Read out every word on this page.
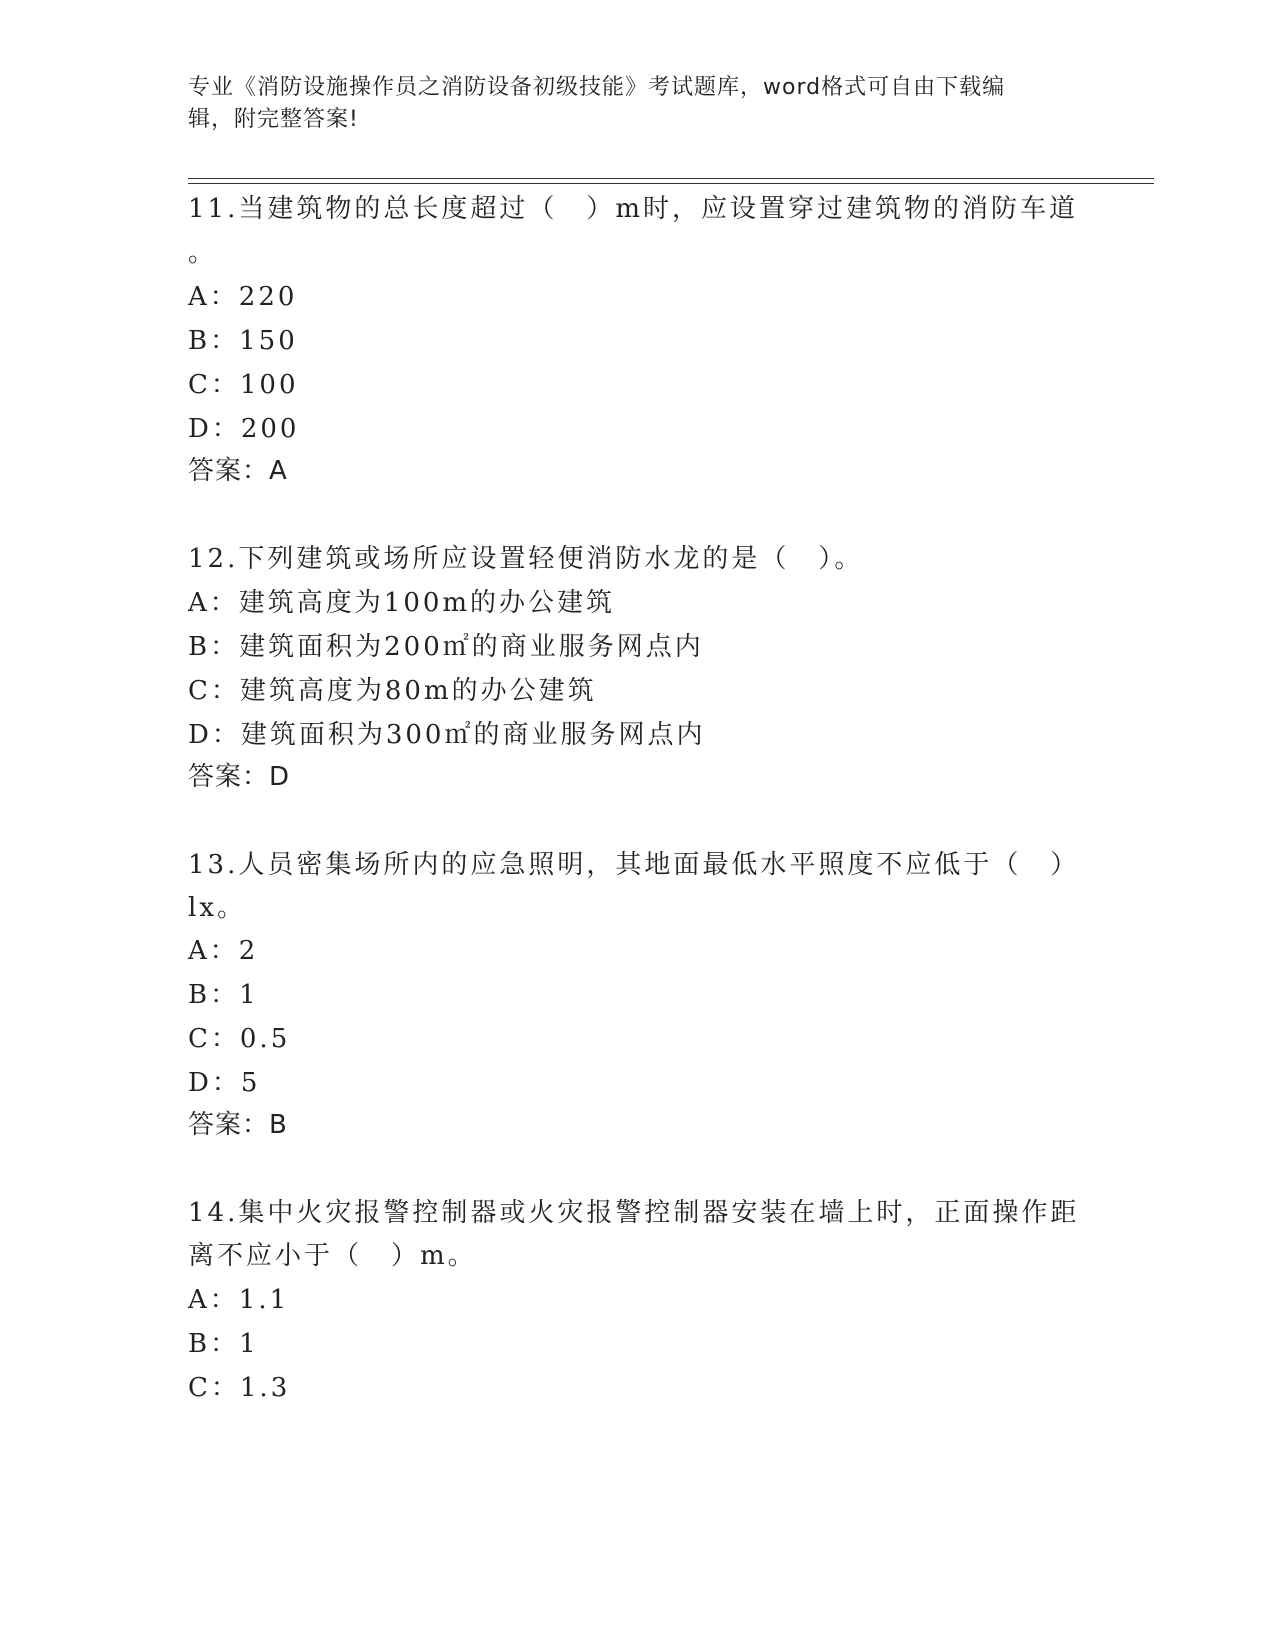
专业《消防设施操作员之消防设备初级技能》考试题库，word格式可自由下载编
辑，附完整答案!
11.当建筑物的总长度超过（　）m时，应设置穿过建筑物的消防车道
。
A：220
B：150
C：100
D：200
答案：A
12.下列建筑或场所应设置轻便消防水龙的是（　）。
A：建筑高度为100m的办公建筑
B：建筑面积为200㎡的商业服务网点内
C：建筑高度为80m的办公建筑
D：建筑面积为300㎡的商业服务网点内
答案：D
13.人员密集场所内的应急照明，其地面最低水平照度不应低于（　）
lx。
A：2
B：1
C：0.5
D：5
答案：B
14.集中火灾报警控制器或火灾报警控制器安装在墙上时，正面操作距
离不应小于（　）m。
A：1.1
B：1
C：1.3
